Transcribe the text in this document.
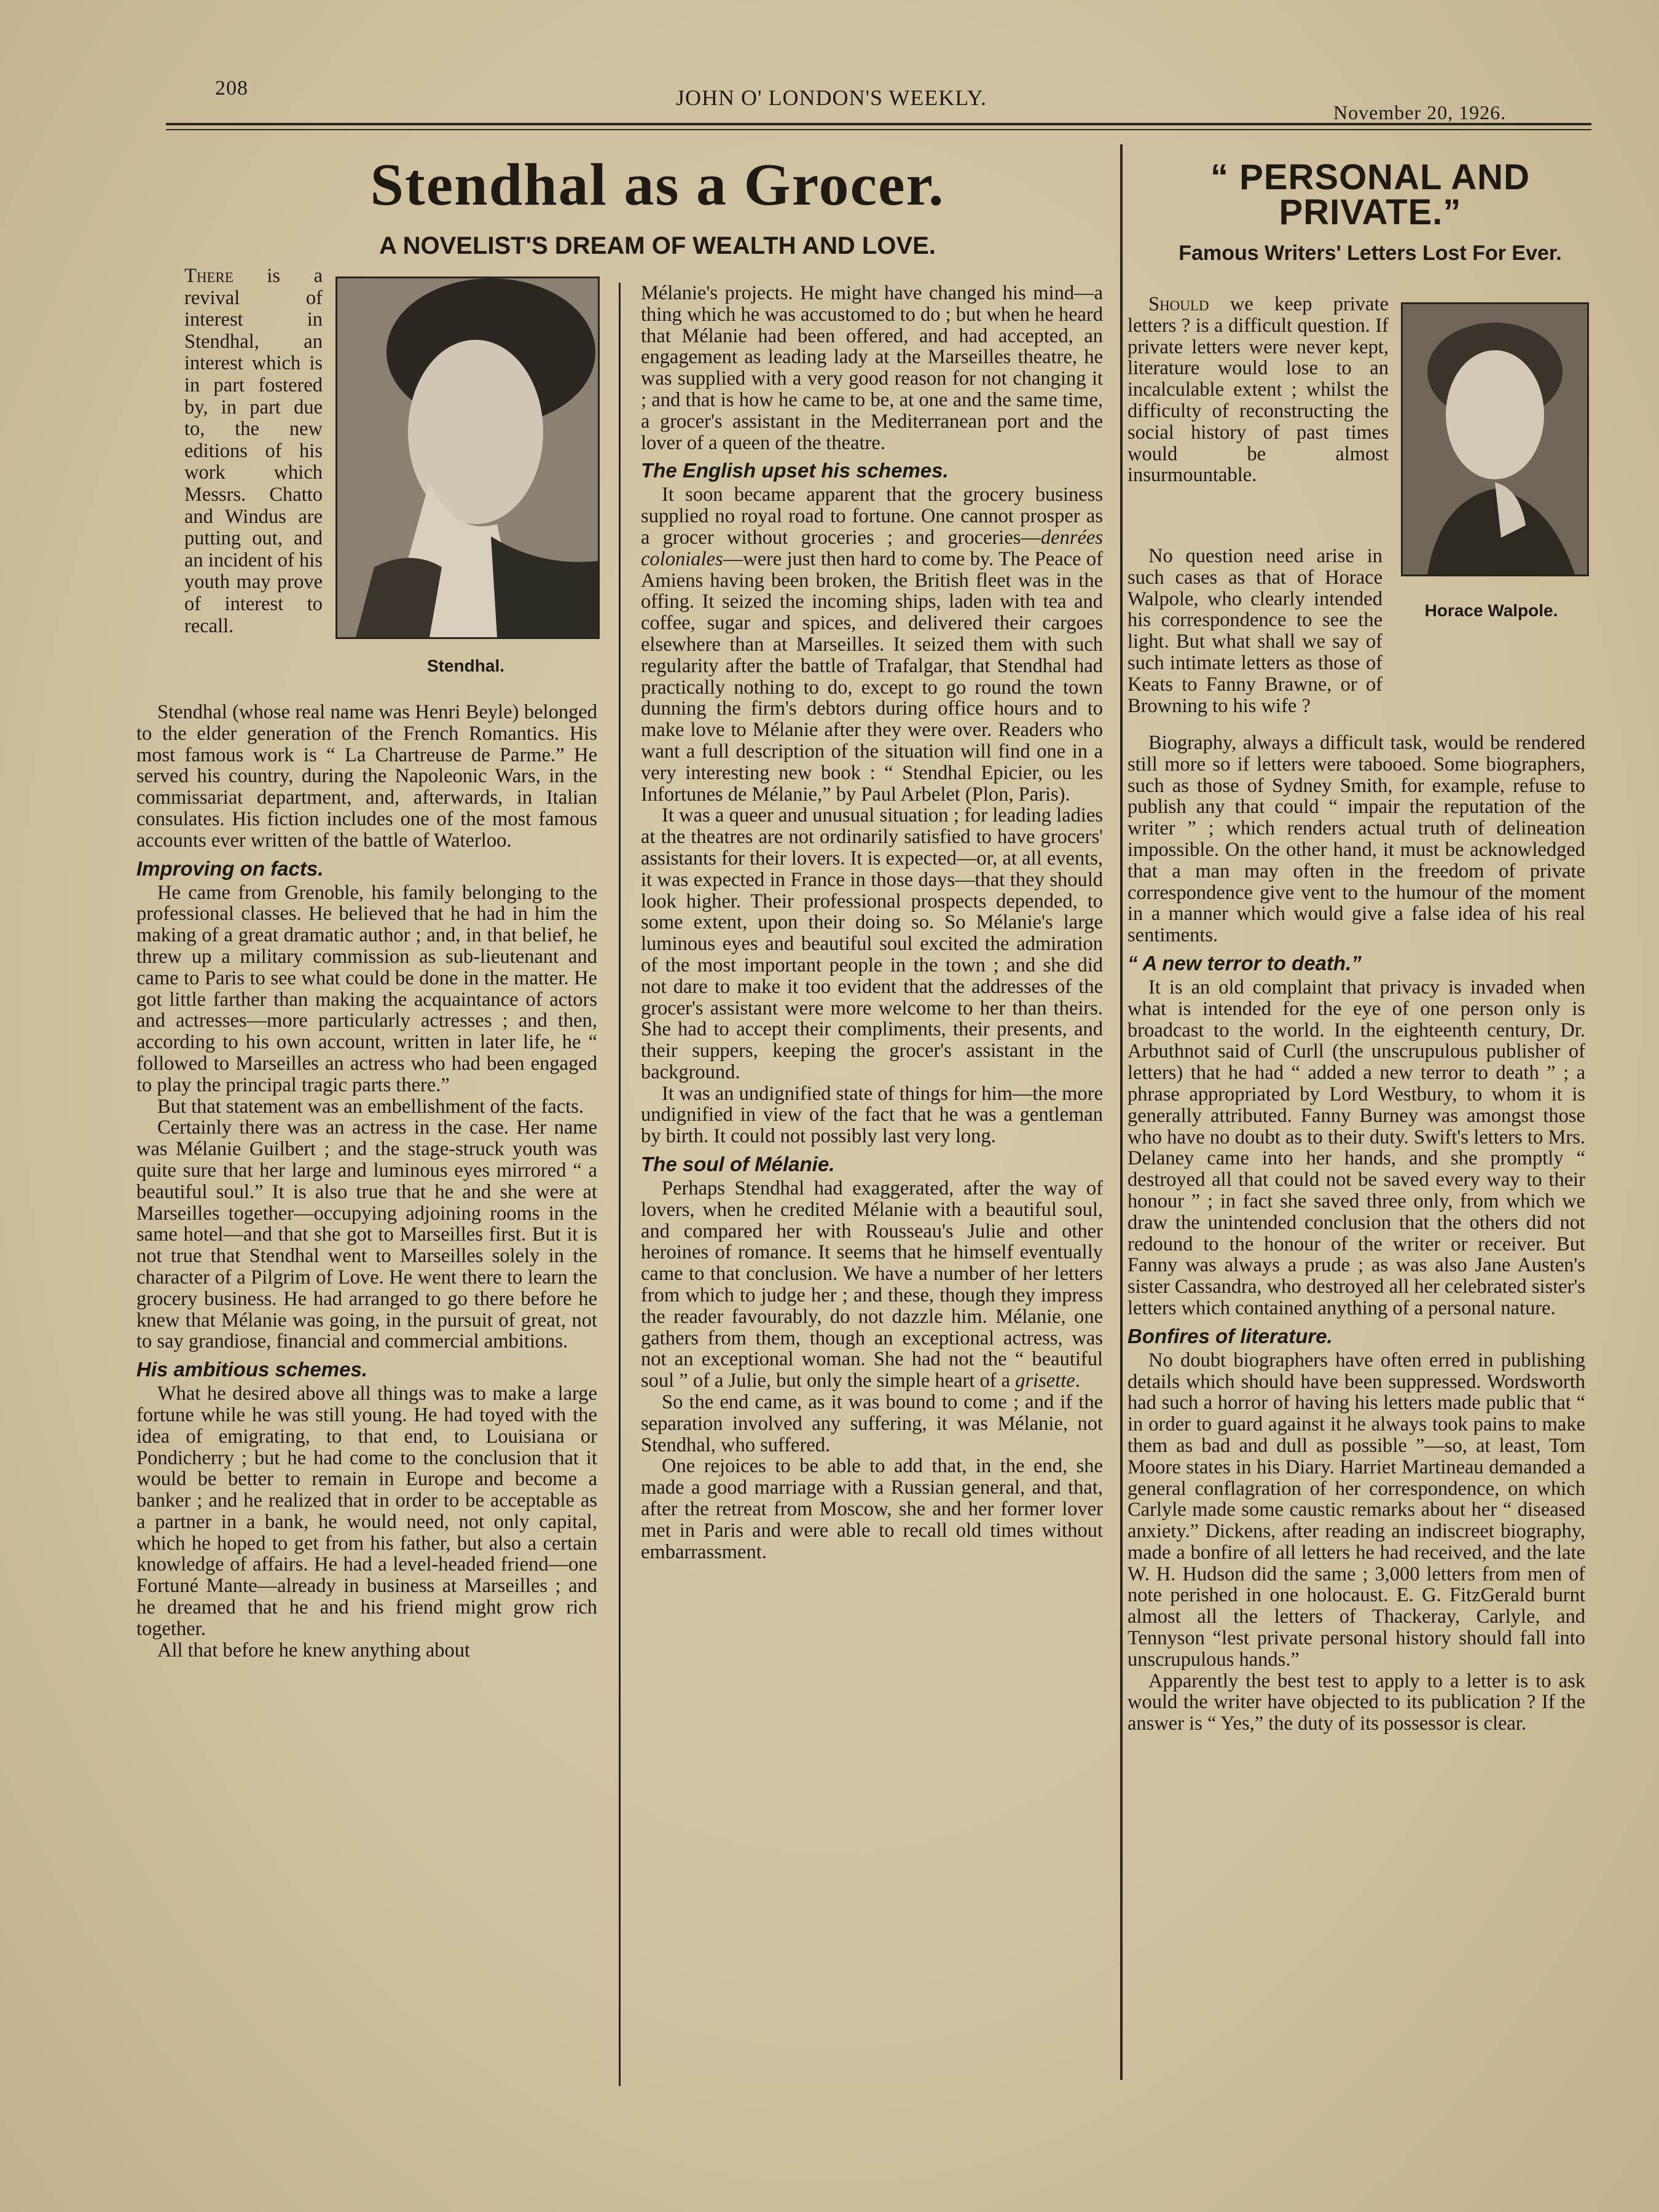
208	JOHN O' LONDON'S WEEKLY.
November 20, 1926.
Stendhal as a Grocer.
A NOVELIST'S DREAM OF WEALTH AND LOVE.
Stendhal.

There is a revival of interest in Stendhal, an interest which is in part fostered by, in part due to, the new editions of his work which Messrs. Chatto and Windus are putting out, and an incident of his youth may prove of interest to recall.

Stendhal (whose real name was Henri Beyle) belonged to the elder generation of the French Romantics. His most famous work is “ La Chartreuse de Parme.” He served his country, during the Napoleonic Wars, in the commissariat department, and, afterwards, in Italian consulates. His fiction includes one of the most famous accounts ever written of the battle of Waterloo.

Improving on facts.

He came from Grenoble, his family belonging to the professional classes. He believed that he had in him the making of a great dramatic author ; and, in that belief, he threw up a military commission as sub-lieutenant and came to Paris to see what could be done in the matter. He got little farther than making the acquaintance of actors and actresses—more particularly actresses ; and then, according to his own account, written in later life, he “ followed to Marseilles an actress who had been engaged to play the principal tragic parts there.”

But that statement was an embellishment of the facts.

Certainly there was an actress in the case. Her name was Mélanie Guilbert ; and the stage-struck youth was quite sure that her large and luminous eyes mirrored “ a beautiful soul.” It is also true that he and she were at Marseilles together—occupying adjoining rooms in the same hotel—and that she got to Marseilles first. But it is not true that Stendhal went to Marseilles solely in the character of a Pilgrim of Love. He went there to learn the grocery business. He had arranged to go there before he knew that Mélanie was going, in the pursuit of great, not to say grandiose, financial and commercial ambitions.

His ambitious schemes.

What he desired above all things was to make a large fortune while he was still young. He had toyed with the idea of emigrating, to that end, to Louisiana or Pondicherry ; but he had come to the conclusion that it would be better to remain in Europe and become a banker ; and he realized that in order to be acceptable as a partner in a bank, he would need, not only capital, which he hoped to get from his father, but also a certain knowledge of affairs. He had a level-headed friend—one Fortuné Mante—already in business at Marseilles ; and he dreamed that he and his friend might grow rich together.

All that before he knew anything about

Mélanie's projects. He might have changed his mind—a thing which he was accustomed to do ; but when he heard that Mélanie had been offered, and had accepted, an engagement as leading lady at the Marseilles theatre, he was supplied with a very good reason for not changing it ; and that is how he came to be, at one and the same time, a grocer's assistant in the Mediterranean port and the lover of a queen of the theatre.

The English upset his schemes.

It soon became apparent that the grocery business supplied no royal road to fortune. One cannot prosper as a grocer without groceries ; and groceries—denrées coloniales—were just then hard to come by. The Peace of Amiens having been broken, the British fleet was in the offing. It seized the incoming ships, laden with tea and coffee, sugar and spices, and delivered their cargoes elsewhere than at Marseilles. It seized them with such regularity after the battle of Trafalgar, that Stendhal had practically nothing to do, except to go round the town dunning the firm's debtors during office hours and to make love to Mélanie after they were over. Readers who want a full description of the situation will find one in a very interesting new book : “ Stendhal Epicier, ou les Infortunes de Mélanie,” by Paul Arbelet (Plon, Paris).

It was a queer and unusual situation ; for leading ladies at the theatres are not ordinarily satisfied to have grocers' assistants for their lovers. It is expected—or, at all events, it was expected in France in those days—that they should look higher. Their professional prospects depended, to some extent, upon their doing so. So Mélanie's large luminous eyes and beautiful soul excited the admiration of the most important people in the town ; and she did not dare to make it too evident that the addresses of the grocer's assistant were more welcome to her than theirs. She had to accept their compliments, their presents, and their suppers, keeping the grocer's assistant in the background.

It was an undignified state of things for him—the more undignified in view of the fact that he was a gentleman by birth. It could not possibly last very long.

The soul of Mélanie.

Perhaps Stendhal had exaggerated, after the way of lovers, when he credited Mélanie with a beautiful soul, and compared her with Rousseau's Julie and other heroines of romance. It seems that he himself eventually came to that conclusion. We have a number of her letters from which to judge her ; and these, though they impress the reader favourably, do not dazzle him. Mélanie, one gathers from them, though an exceptional actress, was not an exceptional woman. She had not the “ beautiful soul ” of a Julie, but only the simple heart of a grisette.

So the end came, as it was bound to come ; and if the separation involved any suffering, it was Mélanie, not Stendhal, who suffered.

One rejoices to be able to add that, in the end, she made a good marriage with a Russian general, and that, after the retreat from Moscow, she and her former lover met in Paris and were able to recall old times without embarrassment.

“ PERSONAL AND
PRIVATE.”
Famous Writers' Letters Lost For Ever.
Horace Walpole.

Should we keep private letters ? is a difficult question. If private letters were never kept, literature would lose to an incalculable extent ; whilst the difficulty of reconstructing the social history of past times would be almost insurmountable.

No question need arise in such cases as that of Horace Walpole, who clearly intended his correspondence to see the light. But what shall we say of such intimate letters as those of Keats to Fanny Brawne, or of Browning to his wife ?

Biography, always a difficult task, would be rendered still more so if letters were tabooed. Some biographers, such as those of Sydney Smith, for example, refuse to publish any that could “ impair the reputation of the writer ” ; which renders actual truth of delineation impossible. On the other hand, it must be acknowledged that a man may often in the freedom of private correspondence give vent to the humour of the moment in a manner which would give a false idea of his real sentiments.

“ A new terror to death.”

It is an old complaint that privacy is invaded when what is intended for the eye of one person only is broadcast to the world. In the eighteenth century, Dr. Arbuthnot said of Curll (the unscrupulous publisher of letters) that he had “ added a new terror to death ” ; a phrase appropriated by Lord Westbury, to whom it is generally attributed. Fanny Burney was amongst those who have no doubt as to their duty. Swift's letters to Mrs. Delaney came into her hands, and she promptly “ destroyed all that could not be saved every way to their honour ” ; in fact she saved three only, from which we draw the unintended conclusion that the others did not redound to the honour of the writer or receiver. But Fanny was always a prude ; as was also Jane Austen's sister Cassandra, who destroyed all her celebrated sister's letters which contained anything of a personal nature.

Bonfires of literature.

No doubt biographers have often erred in publishing details which should have been suppressed. Wordsworth had such a horror of having his letters made public that “ in order to guard against it he always took pains to make them as bad and dull as possible ”—so, at least, Tom Moore states in his Diary. Harriet Martineau demanded a general conflagration of her correspondence, on which Carlyle made some caustic remarks about her “ diseased anxiety.” Dickens, after reading an indiscreet biography, made a bonfire of all letters he had received, and the late W. H. Hudson did the same ; 3,000 letters from men of note perished in one holocaust. E. G. FitzGerald burnt almost all the letters of Thackeray, Carlyle, and Tennyson “lest private personal history should fall into unscrupulous hands.”

Apparently the best test to apply to a letter is to ask would the writer have objected to its publication ? If the answer is “ Yes,” the duty of its possessor is clear.
